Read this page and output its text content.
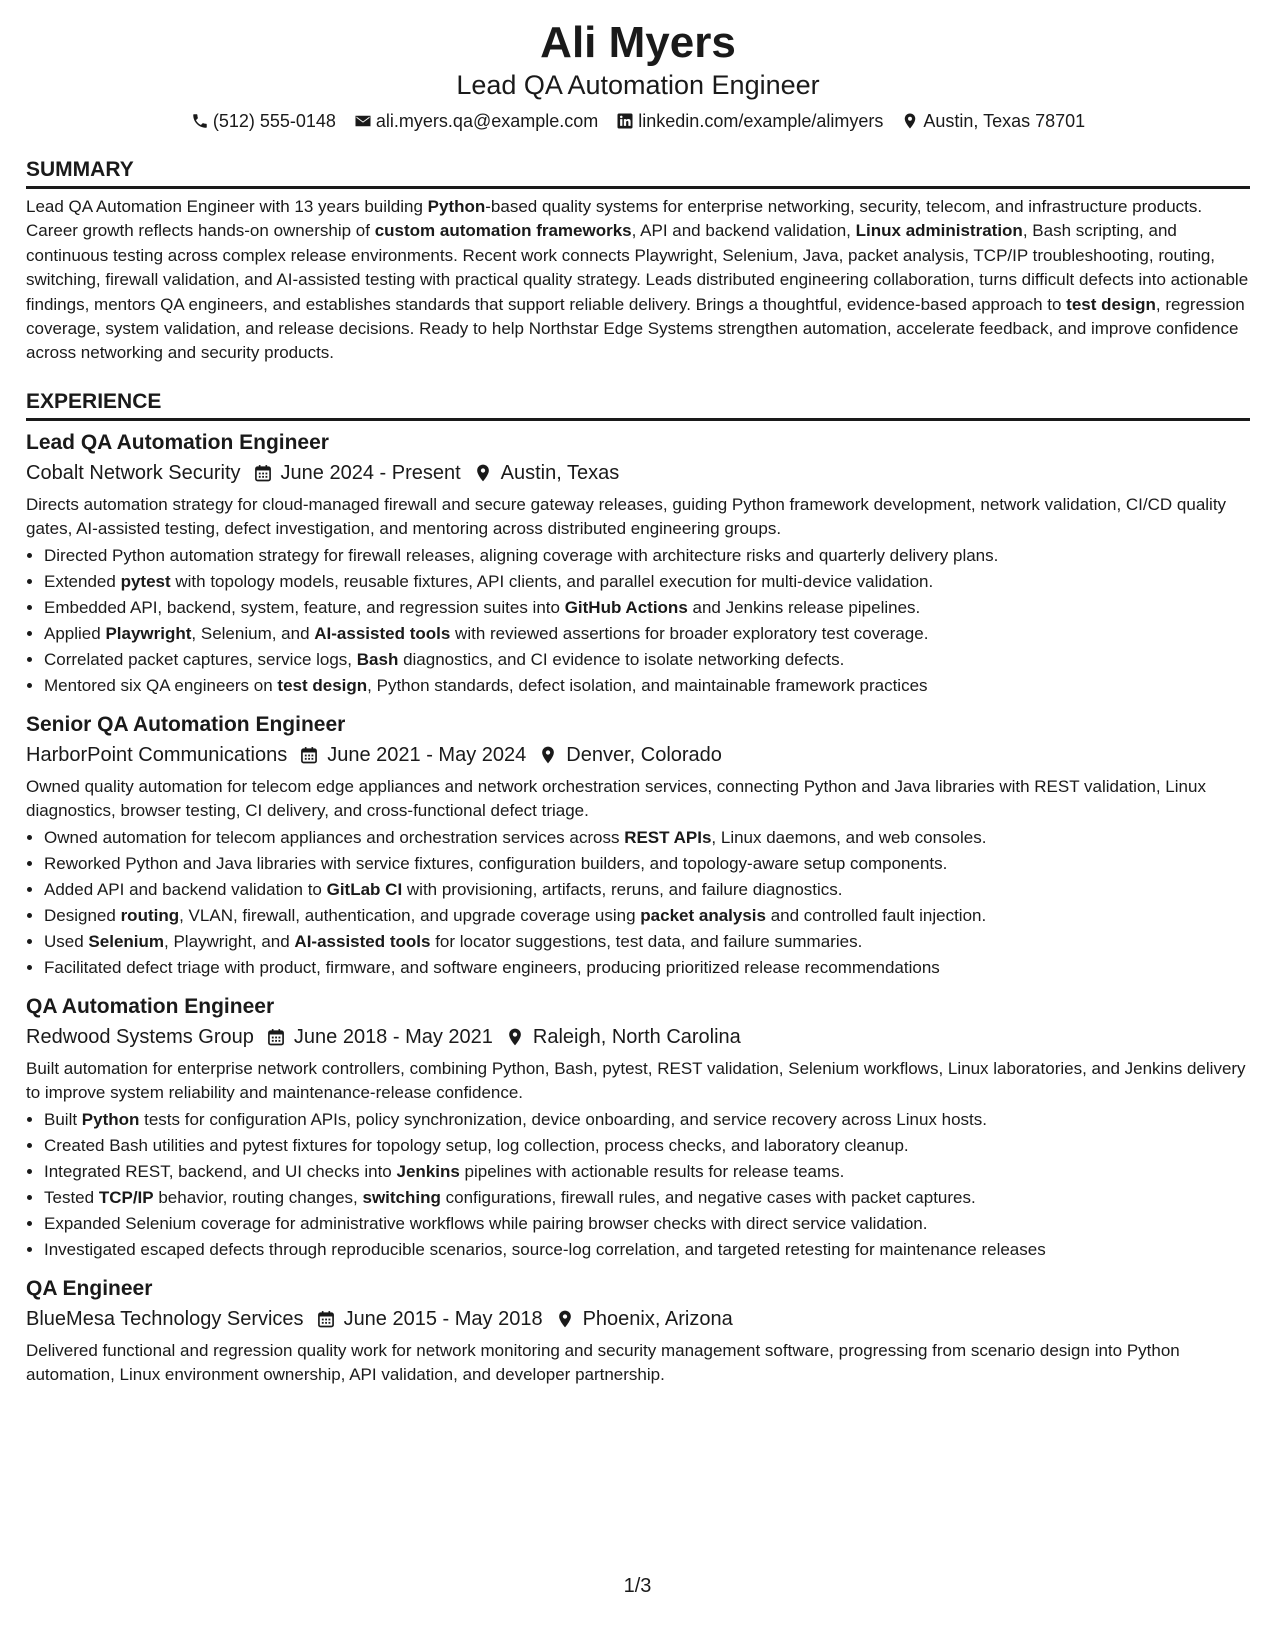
Ali Myers
Lead QA Automation Engineer
(512) 555-0148 ali.myers.qa@example.com linkedin.com/example/alimyers Austin, Texas 78701
SUMMARY
Lead QA Automation Engineer with 13 years building Python-based quality systems for enterprise networking, security, telecom, and infrastructure products. Career growth reflects hands-on ownership of custom automation frameworks, API and backend validation, Linux administration, Bash scripting, and continuous testing across complex release environments. Recent work connects Playwright, Selenium, Java, packet analysis, TCP/IP troubleshooting, routing, switching, firewall validation, and AI-assisted testing with practical quality strategy. Leads distributed engineering collaboration, turns difficult defects into actionable findings, mentors QA engineers, and establishes standards that support reliable delivery. Brings a thoughtful, evidence-based approach to test design, regression coverage, system validation, and release decisions. Ready to help Northstar Edge Systems strengthen automation, accelerate feedback, and improve confidence across networking and security products.
EXPERIENCE
Lead QA Automation Engineer
Cobalt Network Security June 2024 - Present Austin, Texas
Directs automation strategy for cloud-managed firewall and secure gateway releases, guiding Python framework development, network validation, CI/CD quality gates, AI-assisted testing, defect investigation, and mentoring across distributed engineering groups.
• Directed Python automation strategy for firewall releases, aligning coverage with architecture risks and quarterly delivery plans.
• Extended pytest with topology models, reusable fixtures, API clients, and parallel execution for multi-device validation.
• Embedded API, backend, system, feature, and regression suites into GitHub Actions and Jenkins release pipelines.
• Applied Playwright, Selenium, and AI-assisted tools with reviewed assertions for broader exploratory test coverage.
• Correlated packet captures, service logs, Bash diagnostics, and CI evidence to isolate networking defects.
• Mentored six QA engineers on test design, Python standards, defect isolation, and maintainable framework practices
Senior QA Automation Engineer
HarborPoint Communications June 2021 - May 2024 Denver, Colorado
Owned quality automation for telecom edge appliances and network orchestration services, connecting Python and Java libraries with REST validation, Linux diagnostics, browser testing, CI delivery, and cross-functional defect triage.
• Owned automation for telecom appliances and orchestration services across REST APIs, Linux daemons, and web consoles.
• Reworked Python and Java libraries with service fixtures, configuration builders, and topology-aware setup components.
• Added API and backend validation to GitLab CI with provisioning, artifacts, reruns, and failure diagnostics.
• Designed routing, VLAN, firewall, authentication, and upgrade coverage using packet analysis and controlled fault injection.
• Used Selenium, Playwright, and AI-assisted tools for locator suggestions, test data, and failure summaries.
• Facilitated defect triage with product, firmware, and software engineers, producing prioritized release recommendations
QA Automation Engineer
Redwood Systems Group June 2018 - May 2021 Raleigh, North Carolina
Built automation for enterprise network controllers, combining Python, Bash, pytest, REST validation, Selenium workflows, Linux laboratories, and Jenkins delivery to improve system reliability and maintenance-release confidence.
• Built Python tests for configuration APIs, policy synchronization, device onboarding, and service recovery across Linux hosts.
• Created Bash utilities and pytest fixtures for topology setup, log collection, process checks, and laboratory cleanup.
• Integrated REST, backend, and UI checks into Jenkins pipelines with actionable results for release teams.
• Tested TCP/IP behavior, routing changes, switching configurations, firewall rules, and negative cases with packet captures.
• Expanded Selenium coverage for administrative workflows while pairing browser checks with direct service validation.
• Investigated escaped defects through reproducible scenarios, source-log correlation, and targeted retesting for maintenance releases
QA Engineer
BlueMesa Technology Services June 2015 - May 2018 Phoenix, Arizona
Delivered functional and regression quality work for network monitoring and security management software, progressing from scenario design into Python automation, Linux environment ownership, API validation, and developer partnership.
1/3
